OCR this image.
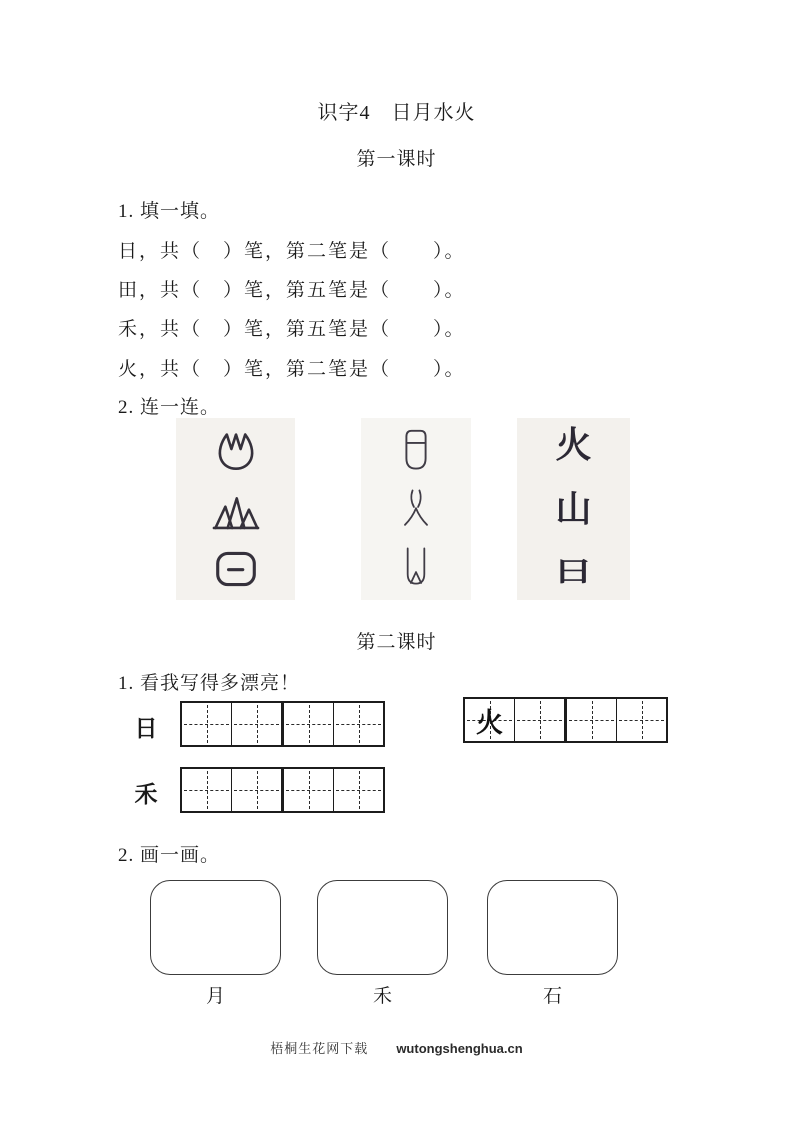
识字4　日月水火
第一课时
1. 填一填。
日，共（　）笔，第二笔是（　　）。
田，共（　）笔，第五笔是（　　）。
禾，共（　）笔，第五笔是（　　）。
火，共（　）笔，第二笔是（　　）。
2. 连一连。
火
山
日
第二课时
1. 看我写得多漂亮！
日	火
禾
2. 画一画。
月	禾	石
梧桐生花网下载 wutongshenghua.cn
